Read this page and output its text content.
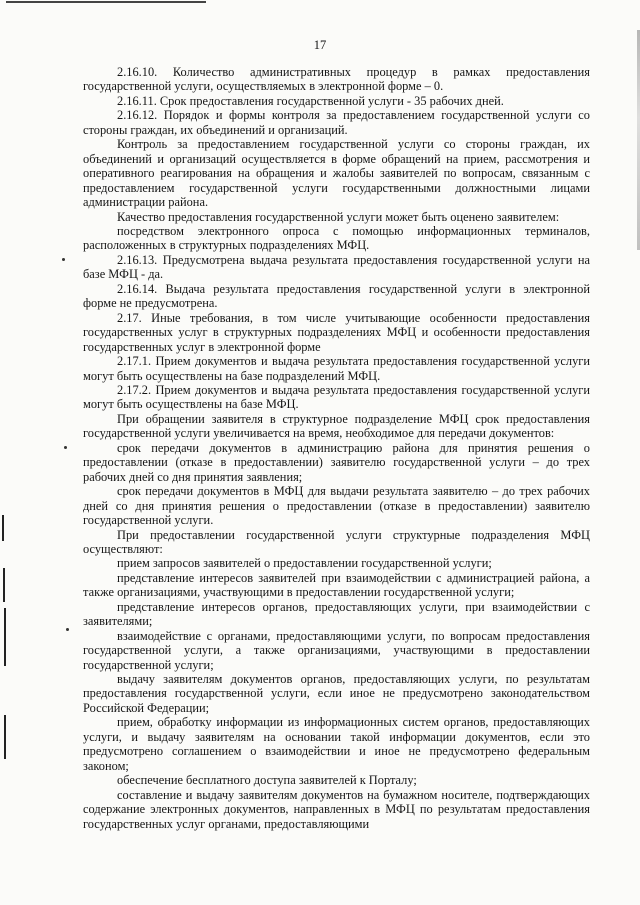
17

2.16.10. Количество административных процедур в рамках предоставления государственной услуги, осуществляемых в электронной форме – 0.

2.16.11. Срок предоставления государственной услуги - 35 рабочих дней.

2.16.12. Порядок и формы контроля за предоставлением государственной услуги со стороны граждан, их объединений и организаций.

Контроль за предоставлением государственной услуги со стороны граждан, их объединений и организаций осуществляется в форме обращений на прием, рассмотрения и оперативного реагирования на обращения и жалобы заявителей по вопросам, связанным с предоставлением государственной услуги государственными должностными лицами администрации района.

Качество предоставления государственной услуги может быть оценено заявителем:

посредством электронного опроса с помощью информационных терминалов, расположенных в структурных подразделениях МФЦ.

2.16.13. Предусмотрена выдача результата предоставления государственной услуги на базе МФЦ - да.

2.16.14. Выдача результата предоставления государственной услуги в электронной форме не предусмотрена.

2.17. Иные требования, в том числе учитывающие особенности предоставления государственных услуг в структурных подразделениях МФЦ и особенности предоставления государственных услуг в электронной форме

2.17.1. Прием документов и выдача результата предоставления государственной услуги могут быть осуществлены на базе подразделений МФЦ.

2.17.2. Прием документов и выдача результата предоставления государственной услуги могут быть осуществлены на базе МФЦ.

При обращении заявителя в структурное подразделение МФЦ срок предоставления государственной услуги увеличивается на время, необходимое для передачи документов:

срок передачи документов в администрацию района для принятия решения о предоставлении (отказе в предоставлении) заявителю государственной услуги – до трех рабочих дней со дня принятия заявления;

срок передачи документов в МФЦ для выдачи результата заявителю – до трех рабочих дней со дня принятия решения о предоставлении (отказе в предоставлении) заявителю государственной услуги.

При предоставлении государственной услуги структурные подразделения МФЦ осуществляют:

прием запросов заявителей о предоставлении государственной услуги;

представление интересов заявителей при взаимодействии с администрацией района, а также организациями, участвующими в предоставлении государственной услуги;

представление интересов органов, предоставляющих услуги, при взаимодействии с заявителями;

взаимодействие с органами, предоставляющими услуги, по вопросам предоставления государственной услуги, а также организациями, участвующими в предоставлении государственной услуги;

выдачу заявителям документов органов, предоставляющих услуги, по результатам предоставления государственной услуги, если иное не предусмотрено законодательством Российской Федерации;

прием, обработку информации из информационных систем органов, предоставляющих услуги, и выдачу заявителям на основании такой информации документов, если это предусмотрено соглашением о взаимодействии и иное не предусмотрено федеральным законом;

обеспечение бесплатного доступа заявителей к Порталу;

составление и выдачу заявителям документов на бумажном носителе, подтверждающих содержание электронных документов, направленных в МФЦ по результатам предоставления государственных услуг органами, предоставляющими
